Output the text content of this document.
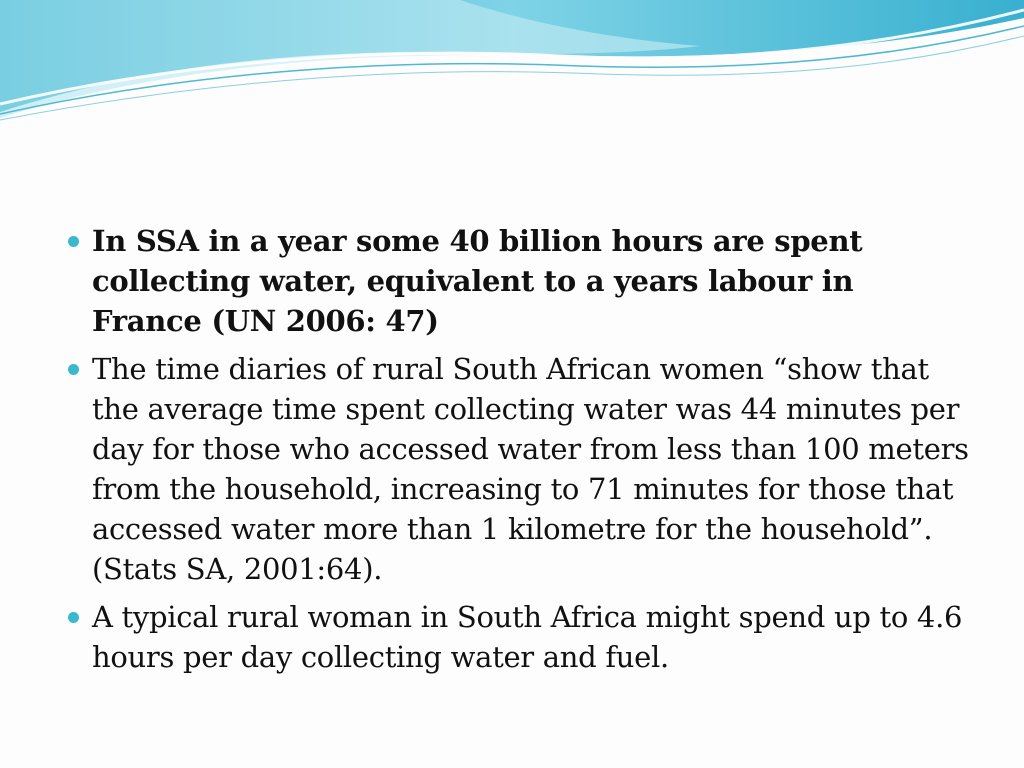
In SSA in a year some 40 billion hours are spent collecting water, equivalent to a years labour in France (UN 2006: 47)
The time diaries of rural South African women “show that the average time spent collecting water was 44 minutes per day for those who accessed water from less than 100 meters from the household, increasing to 71 minutes for those that accessed water more than 1 kilometre for the household”. (Stats SA, 2001:64).
A typical rural woman in South Africa might spend up to 4.6 hours per day collecting water and fuel.
